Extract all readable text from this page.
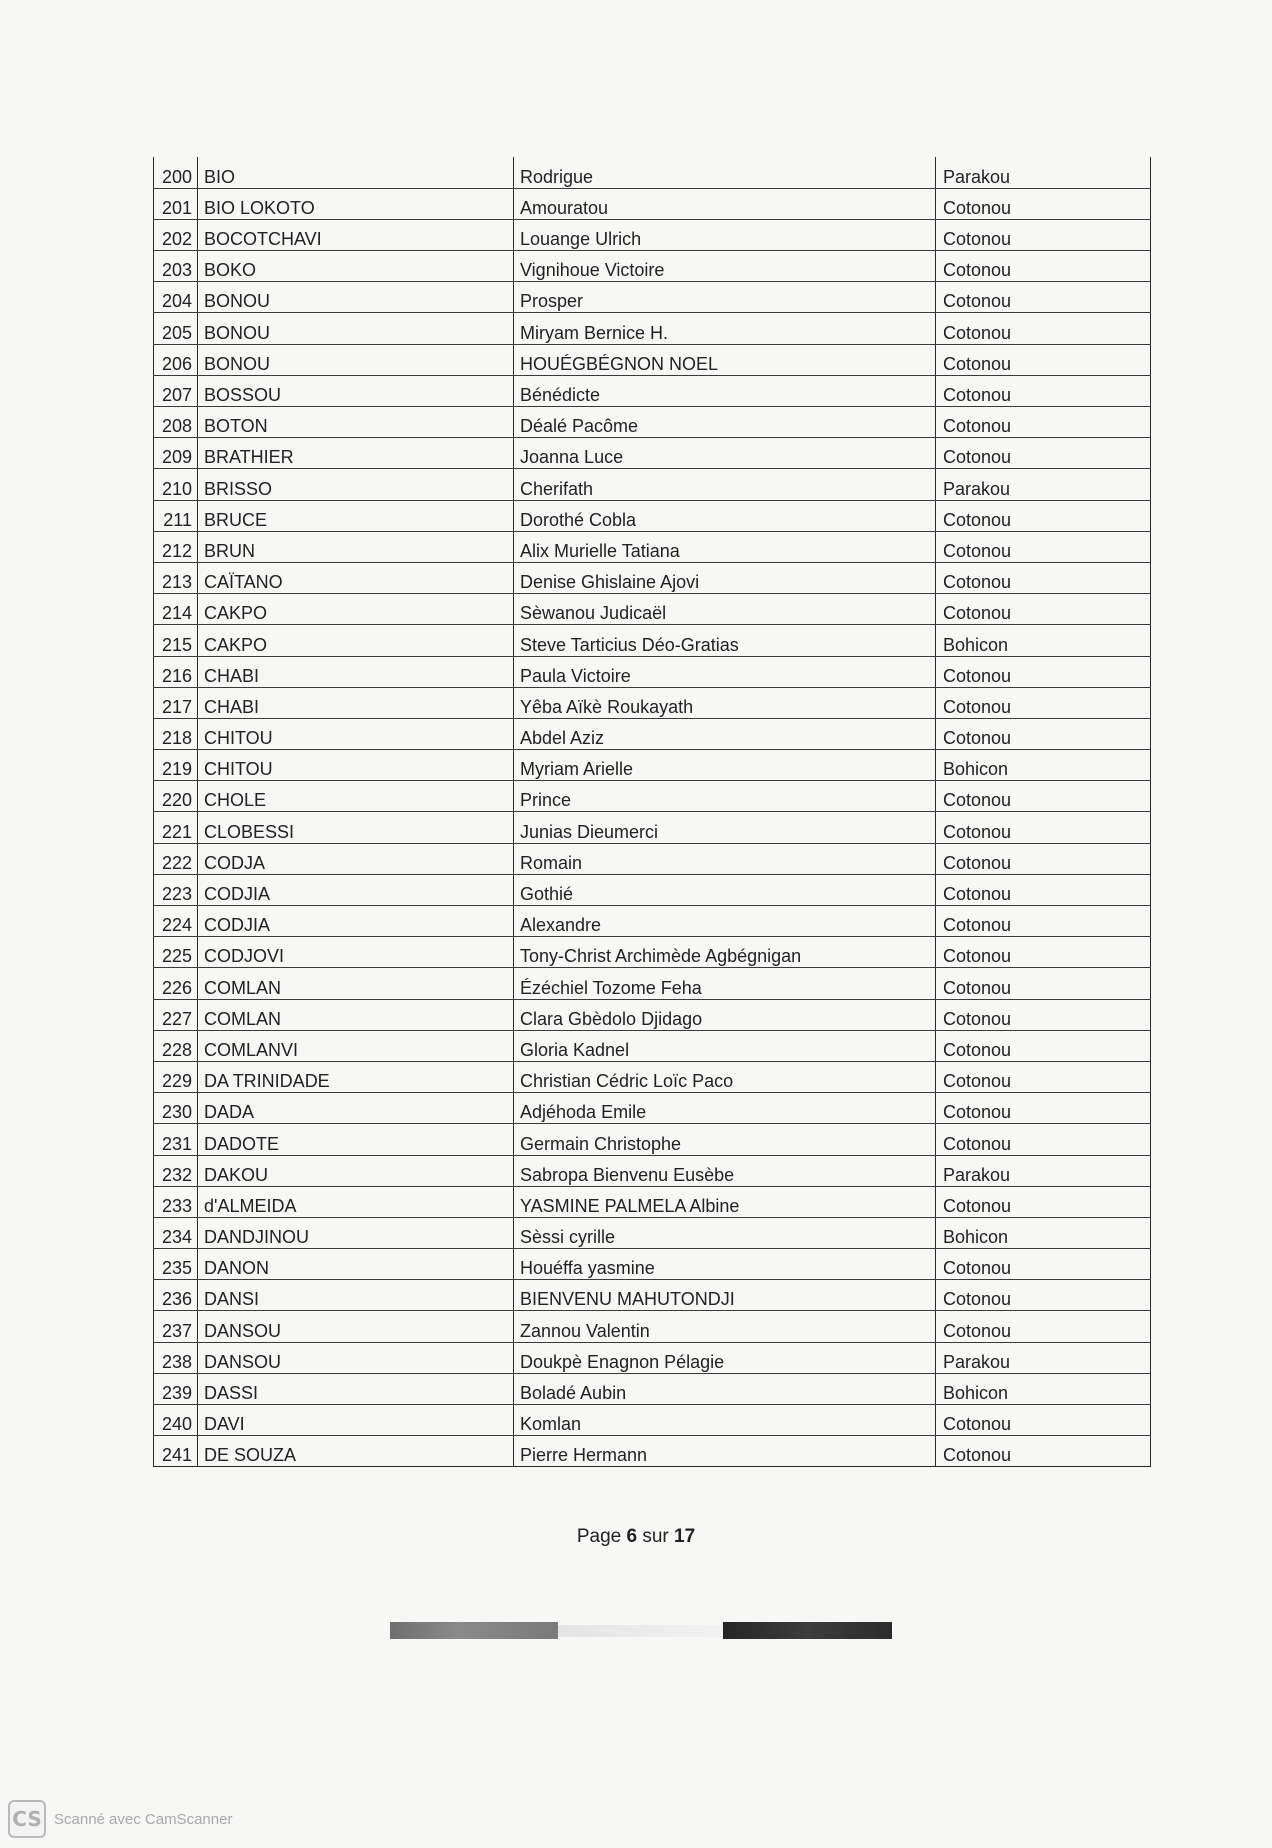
200	BIO	Rodrigue	Parakou
201	BIO LOKOTO	Amouratou	Cotonou
202	BOCOTCHAVI	Louange Ulrich	Cotonou
203	BOKO	Vignihoue Victoire	Cotonou
204	BONOU	Prosper	Cotonou
205	BONOU	Miryam Bernice H.	Cotonou
206	BONOU	HOUÉGBÉGNON NOEL	Cotonou
207	BOSSOU	Bénédicte	Cotonou
208	BOTON	Déalé Pacôme	Cotonou
209	BRATHIER	Joanna Luce	Cotonou
210	BRISSO	Cherifath	Parakou
211	BRUCE	Dorothé Cobla	Cotonou
212	BRUN	Alix Murielle Tatiana	Cotonou
213	CAÏTANO	Denise Ghislaine Ajovi	Cotonou
214	CAKPO	Sèwanou Judicaël	Cotonou
215	CAKPO	Steve Tarticius Déo-Gratias	Bohicon
216	CHABI	Paula Victoire	Cotonou
217	CHABI	Yêba Aïkè Roukayath	Cotonou
218	CHITOU	Abdel Aziz	Cotonou
219	CHITOU	Myriam Arielle	Bohicon
220	CHOLE	Prince	Cotonou
221	CLOBESSI	Junias Dieumerci	Cotonou
222	CODJA	Romain	Cotonou
223	CODJIA	Gothié	Cotonou
224	CODJIA	Alexandre	Cotonou
225	CODJOVI	Tony-Christ Archimède Agbégnigan	Cotonou
226	COMLAN	Ézéchiel Tozome Feha	Cotonou
227	COMLAN	Clara Gbèdolo Djidago	Cotonou
228	COMLANVI	Gloria Kadnel	Cotonou
229	DA TRINIDADE	Christian Cédric Loïc Paco	Cotonou
230	DADA	Adjéhoda Emile	Cotonou
231	DADOTE	Germain Christophe	Cotonou
232	DAKOU	Sabropa Bienvenu Eusèbe	Parakou
233	d'ALMEIDA	YASMINE PALMELA Albine	Cotonou
234	DANDJINOU	Sèssi cyrille	Bohicon
235	DANON	Houéffa yasmine	Cotonou
236	DANSI	BIENVENU MAHUTONDJI	Cotonou
237	DANSOU	Zannou Valentin	Cotonou
238	DANSOU	Doukpè Enagnon Pélagie	Parakou
239	DASSI	Boladé Aubin	Bohicon
240	DAVI	Komlan	Cotonou
241	DE SOUZA	Pierre Hermann	Cotonou
Page 6 sur 17
CS Scanné avec CamScanner
